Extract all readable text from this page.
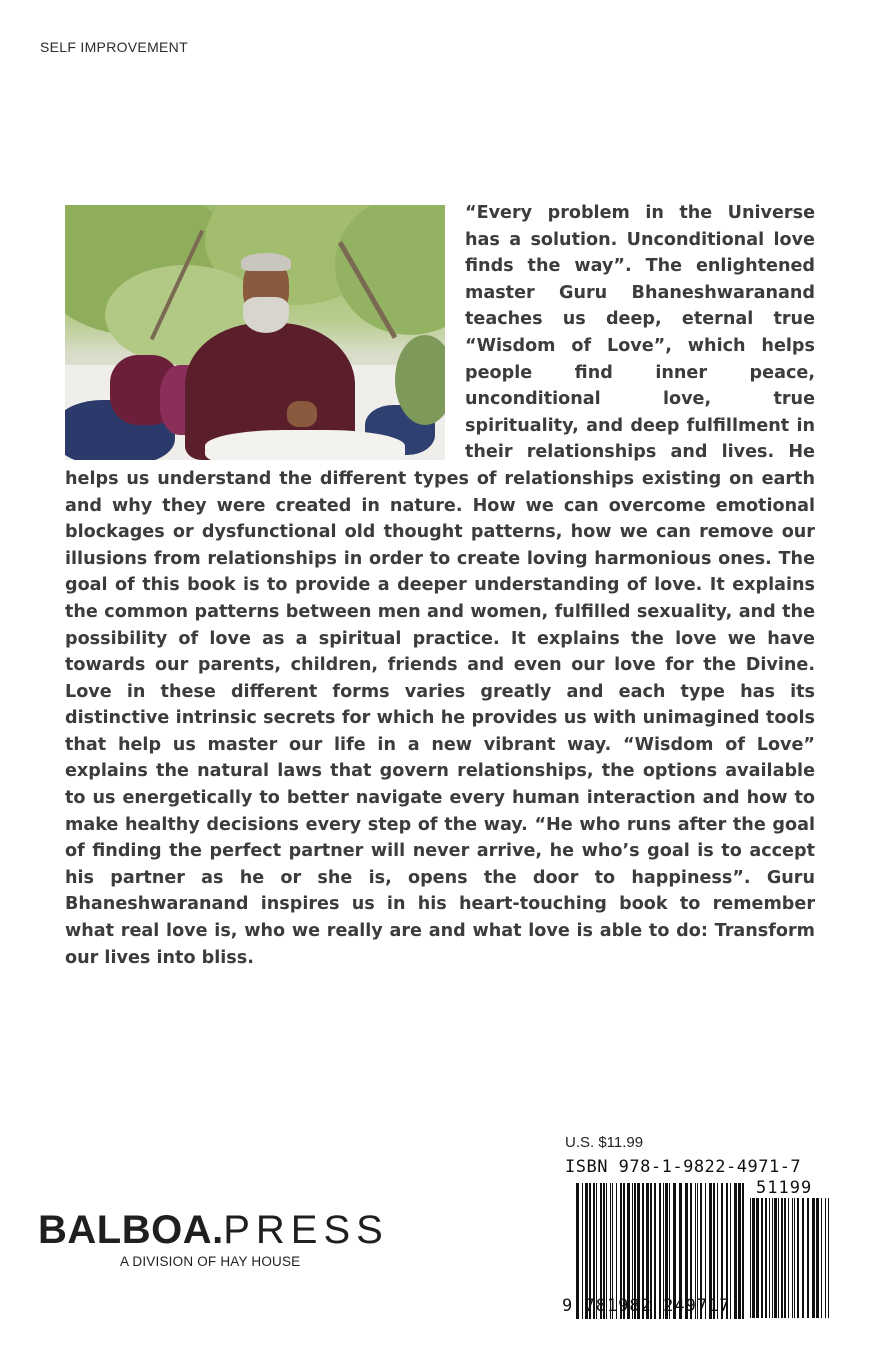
SELF IMPROVEMENT
“Every problem in the Universe has a solution. Unconditional love finds the way”. The enlightened master Guru Bhaneshwaranand teaches us deep, eternal true “Wisdom of Love”, which helps people find inner peace, unconditional love, true spirituality, and deep fulfillment in their relationships and lives. He helps us understand the different types of relationships existing on earth and why they were created in nature. How we can overcome emotional blockages or dysfunctional old thought patterns, how we can remove our illusions from relationships in order to create loving harmonious ones. The goal of this book is to provide a deeper understanding of love. It explains the common patterns between men and women, fulfilled sexuality, and the possibility of love as a spiritual practice. It explains the love we have towards our parents, children, friends and even our love for the Divine. Love in these different forms varies greatly and each type has its distinctive intrinsic secrets for which he provides us with unimagined tools that help us master our life in a new vibrant way. “Wisdom of Love” explains the natural laws that govern relationships, the options available to us energetically to better navigate every human interaction and how to make healthy decisions every step of the way. “He who runs after the goal of finding the perfect partner will never arrive, he who’s goal is to accept his partner as he or she is, opens the door to happiness”. Guru Bhaneshwaranand inspires us in his heart-touching book to remember what real love is, who we really are and what love is able to do: Transform our lives into bliss.
BALBOA.PRESS
A DIVISION OF HAY HOUSE
U.S. $11.99
ISBN 978-1-9822-4971-7
51199
9 781982 249717
